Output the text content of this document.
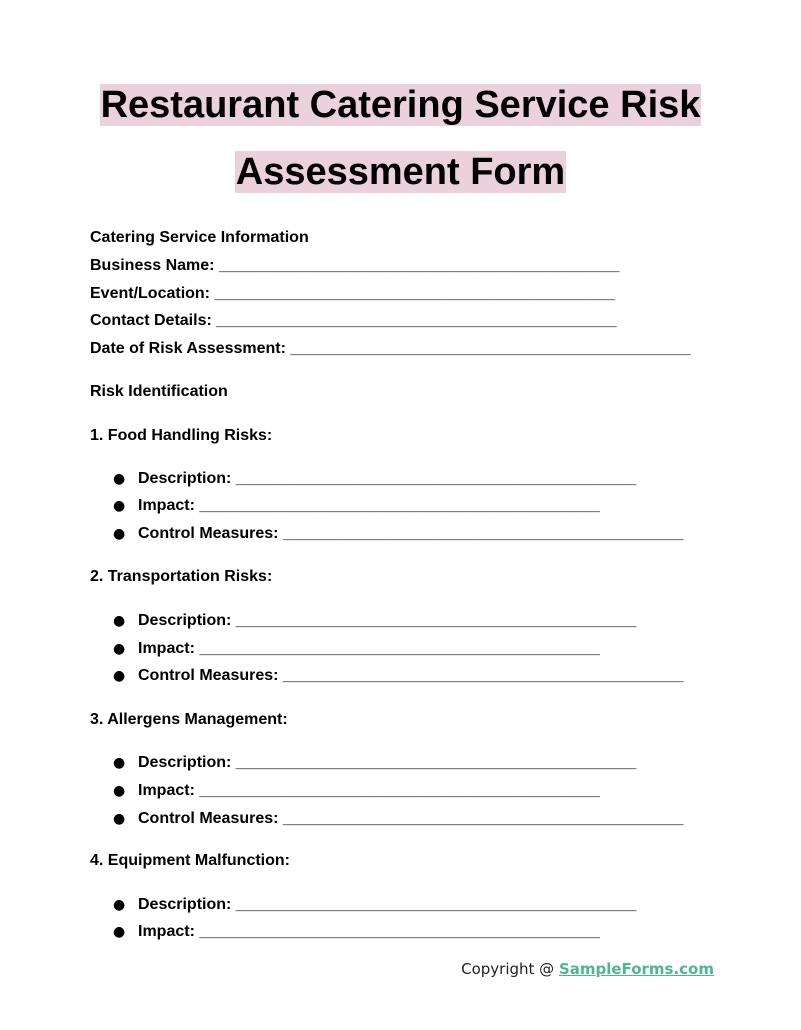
Restaurant Catering Service Risk
Assessment Form
Catering Service Information
Business Name: _____________________________________________
Event/Location: _____________________________________________
Contact Details: _____________________________________________
Date of Risk Assessment: _____________________________________________
Risk Identification
1. Food Handling Risks:
● Description: _____________________________________________
● Impact: _____________________________________________
● Control Measures: _____________________________________________
2. Transportation Risks:
● Description: _____________________________________________
● Impact: _____________________________________________
● Control Measures: _____________________________________________
3. Allergens Management:
● Description: _____________________________________________
● Impact: _____________________________________________
● Control Measures: _____________________________________________
4. Equipment Malfunction:
● Description: _____________________________________________
● Impact: _____________________________________________
Copyright @ SampleForms.com
